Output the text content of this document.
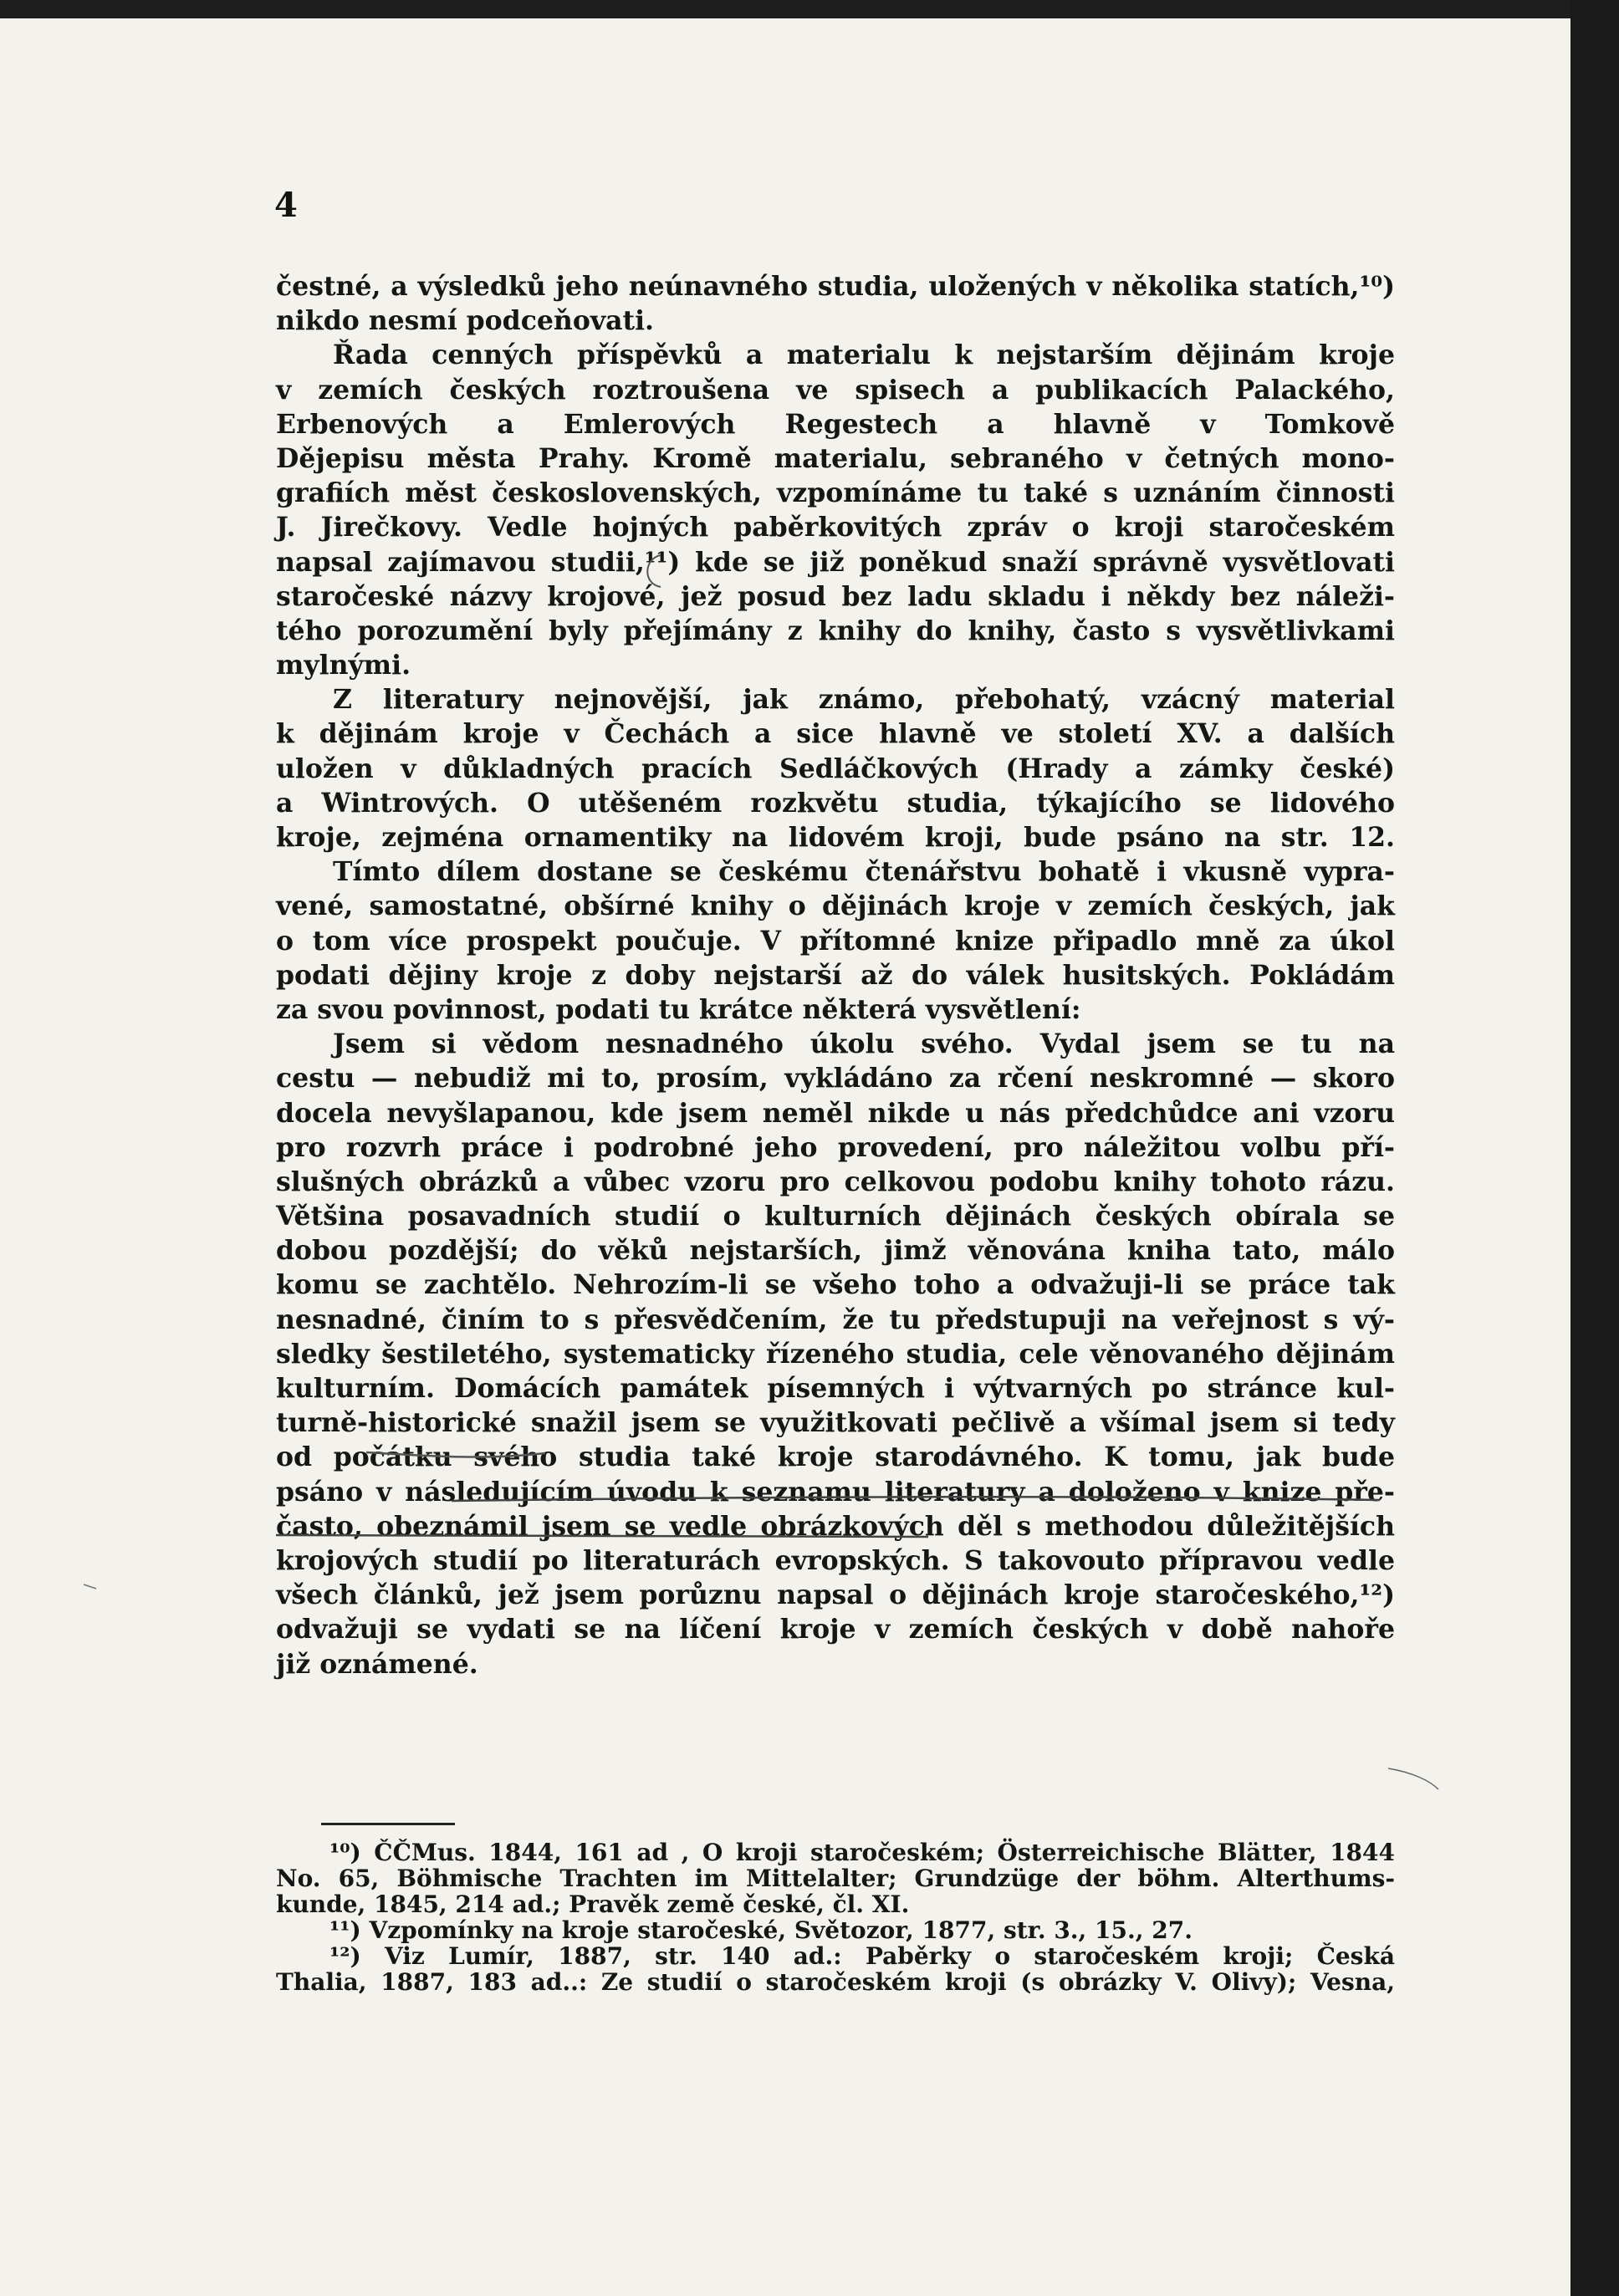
4
čestné, a výsledků jeho neúnavného studia, uložených v několika statích,¹⁰)
nikdo nesmí podceňovati.
Řada cenných příspěvků a materialu k nejstarším dějinám kroje
v zemích českých roztroušena ve spisech a publikacích Palackého,
Erbenových a Emlerových Regestech a hlavně v Tomkově
Dějepisu města Prahy. Kromě materialu, sebraného v četných mono-
grafiích měst československých, vzpomínáme tu také s uznáním činnosti
J. Jirečkovy. Vedle hojných paběrkovitých zpráv o kroji staročeském
napsal zajímavou studii,¹¹) kde se již poněkud snaží správně vysvětlovati
staročeské názvy krojové, jež posud bez ladu skladu i někdy bez náleži-
tého porozumění byly přejímány z knihy do knihy, často s vysvětlivkami
mylnými.
Z literatury nejnovější, jak známo, přebohatý, vzácný material
k dějinám kroje v Čechách a sice hlavně ve století XV. a dalších
uložen v důkladných pracích Sedláčkových (Hrady a zámky české)
a Wintrových. O utěšeném rozkvětu studia, týkajícího se lidového
kroje, zejména ornamentiky na lidovém kroji, bude psáno na str. 12.
Tímto dílem dostane se českému čtenářstvu bohatě i vkusně vypra-
vené, samostatné, obšírné knihy o dějinách kroje v zemích českých, jak
o tom více prospekt poučuje. V přítomné knize připadlo mně za úkol
podati dějiny kroje z doby nejstarší až do válek husitských. Pokládám
za svou povinnost, podati tu krátce některá vysvětlení:
Jsem si vědom nesnadného úkolu svého. Vydal jsem se tu na
cestu — nebudiž mi to, prosím, vykládáno za rčení neskromné — skoro
docela nevyšlapanou, kde jsem neměl nikde u nás předchůdce ani vzoru
pro rozvrh práce i podrobné jeho provedení, pro náležitou volbu pří-
slušných obrázků a vůbec vzoru pro celkovou podobu knihy tohoto rázu.
Většina posavadních studií o kulturních dějinách českých obírala se
dobou pozdější; do věků nejstarších, jimž věnována kniha tato, málo
komu se zachtělo. Nehrozím-li se všeho toho a odvažuji-li se práce tak
nesnadné, činím to s přesvědčením, že tu předstupuji na veřejnost s vý-
sledky šestiletého, systematicky řízeného studia, cele věnovaného dějinám
kulturním. Domácích památek písemných i výtvarných po stránce kul-
turně-historické snažil jsem se využitkovati pečlivě a všímal jsem si tedy
od počátku svého studia také kroje starodávného. K tomu, jak bude
psáno v následujícím úvodu k seznamu literatury a doloženo v knize pře-
často, obeznámil jsem se vedle obrázkových děl s methodou důležitějších
krojových studií po literaturách evropských. S takovouto přípravou vedle
všech článků, jež jsem porůznu napsal o dějinách kroje staročeského,¹²)
odvažuji se vydati se na líčení kroje v zemích českých v době nahoře
již oznámené.
¹⁰) ČČMus. 1844, 161 ad , O kroji staročeském; Österreichische Blätter, 1844
No. 65, Böhmische Trachten im Mittelalter; Grundzüge der böhm. Alterthums-
kunde, 1845, 214 ad.; Pravěk země české, čl. XI.
¹¹) Vzpomínky na kroje staročeské, Světozor, 1877, str. 3., 15., 27.
¹²) Viz Lumír, 1887, str. 140 ad.: Paběrky o staročeském kroji; Česká
Thalia, 1887, 183 ad..: Ze studií o staročeském kroji (s obrázky V. Olivy); Vesna,
